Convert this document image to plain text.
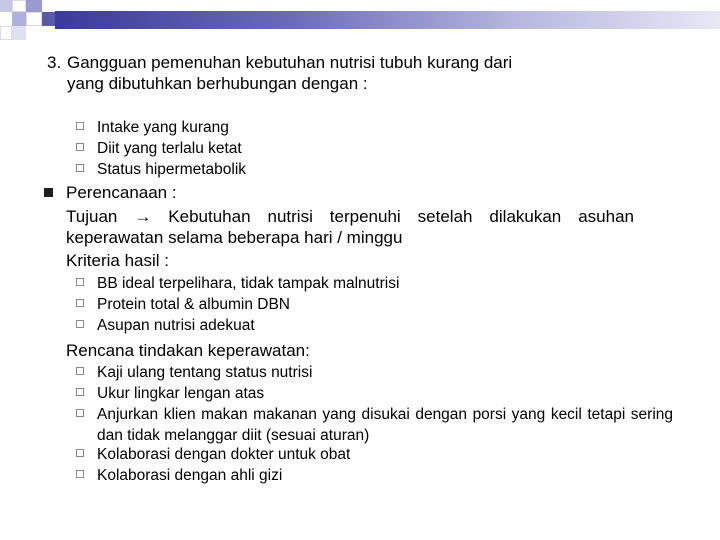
3. Gangguan pemenuhan kebutuhan nutrisi tubuh kurang dari
yang dibutuhkan berhubungan dengan :
Intake yang kurang
Diit yang terlalu ketat
Status hipermetabolik
Perencanaan :
Tujuan → Kebutuhan nutrisi terpenuhi setelah dilakukan asuhan keperawatan selama beberapa hari / minggu
Kriteria hasil :
BB ideal terpelihara, tidak tampak malnutrisi
Protein total & albumin DBN
Asupan nutrisi adekuat
Rencana tindakan keperawatan:
Kaji ulang tentang status nutrisi
Ukur lingkar lengan atas
Anjurkan klien makan makanan yang disukai dengan porsi yang kecil tetapi sering dan tidak melanggar diit (sesuai aturan)
Kolaborasi dengan dokter untuk obat
Kolaborasi dengan ahli gizi
